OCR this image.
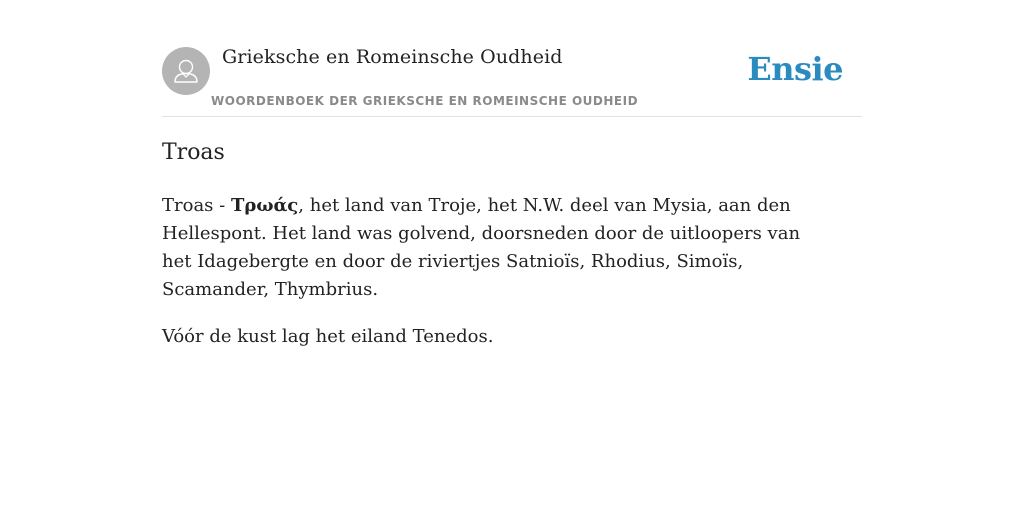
Grieksche en Romeinsche Oudheid
WOORDENBOEK DER GRIEKSCHE EN ROMEINSCHE OUDHEID
Ensie
Troas

Troas - Τρωάς, het land van Troje, het N.W. deel van Mysia, aan den Hellespont. Het land was golvend, doorsneden door de uitloopers van het Idagebergte en door de riviertjes Satnioïs, Rhodius, Simoïs, Scamander, Thymbrius.

Vóór de kust lag het eiland Tenedos.
